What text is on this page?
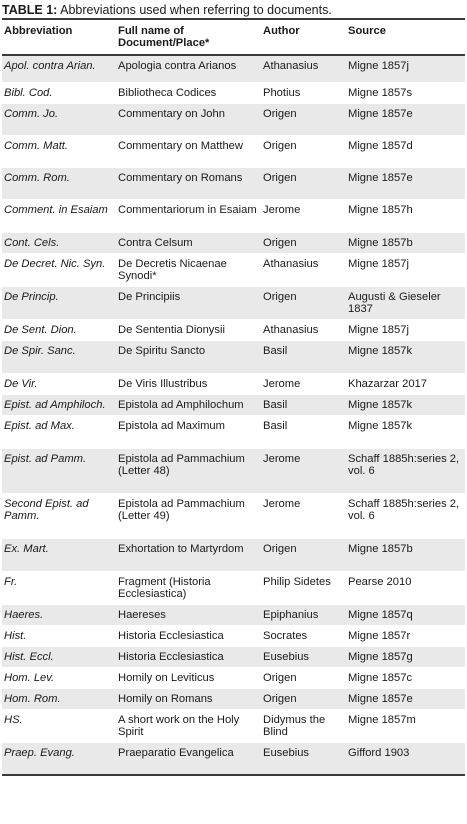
TABLE 1: Abbreviations used when referring to documents.
Abbreviation	Full name of Document/Place*	Author	Source
Apol. contra Arian.	Apologia contra Arianos	Athanasius	Migne 1857j
Bibl. Cod.	Bibliotheca Codices	Photius	Migne 1857s
Comm. Jo.	Commentary on John	Origen	Migne 1857e
Comm. Matt.	Commentary on Matthew	Origen	Migne 1857d
Comm. Rom.	Commentary on Romans	Origen	Migne 1857e
Comment. in Esaiam	Commentariorum in Esaiam	Jerome	Migne 1857h
Cont. Cels.	Contra Celsum	Origen	Migne 1857b
De Decret. Nic. Syn.	De Decretis Nicaenae Synodi*	Athanasius	Migne 1857j
De Princip.	De Principiis	Origen	Augusti & Gieseler 1837
De Sent. Dion.	De Sententia Dionysii	Athanasius	Migne 1857j
De Spir. Sanc.	De Spiritu Sancto	Basil	Migne 1857k
De Vir.	De Viris Illustribus	Jerome	Khazarzar 2017
Epist. ad Amphiloch.	Epistola ad Amphilochum	Basil	Migne 1857k
Epist. ad Max.	Epistola ad Maximum	Basil	Migne 1857k
Epist. ad Pamm.	Epistola ad Pammachium (Letter 48)	Jerome	Schaff 1885h:series 2, vol. 6
Second Epist. ad Pamm.	Epistola ad Pammachium (Letter 49)	Jerome	Schaff 1885h:series 2, vol. 6
Ex. Mart.	Exhortation to Martyrdom	Origen	Migne 1857b
Fr.	Fragment (Historia Ecclesiastica)	Philip Sidetes	Pearse 2010
Haeres.	Haereses	Epiphanius	Migne 1857q
Hist.	Historia Ecclesiastica	Socrates	Migne 1857r
Hist. Eccl.	Historia Ecclesiastica	Eusebius	Migne 1857g
Hom. Lev.	Homily on Leviticus	Origen	Migne 1857c
Hom. Rom.	Homily on Romans	Origen	Migne 1857e
HS.	A short work on the Holy Spirit	Didymus the Blind	Migne 1857m
Praep. Evang.	Praeparatio Evangelica	Eusebius	Gifford 1903
